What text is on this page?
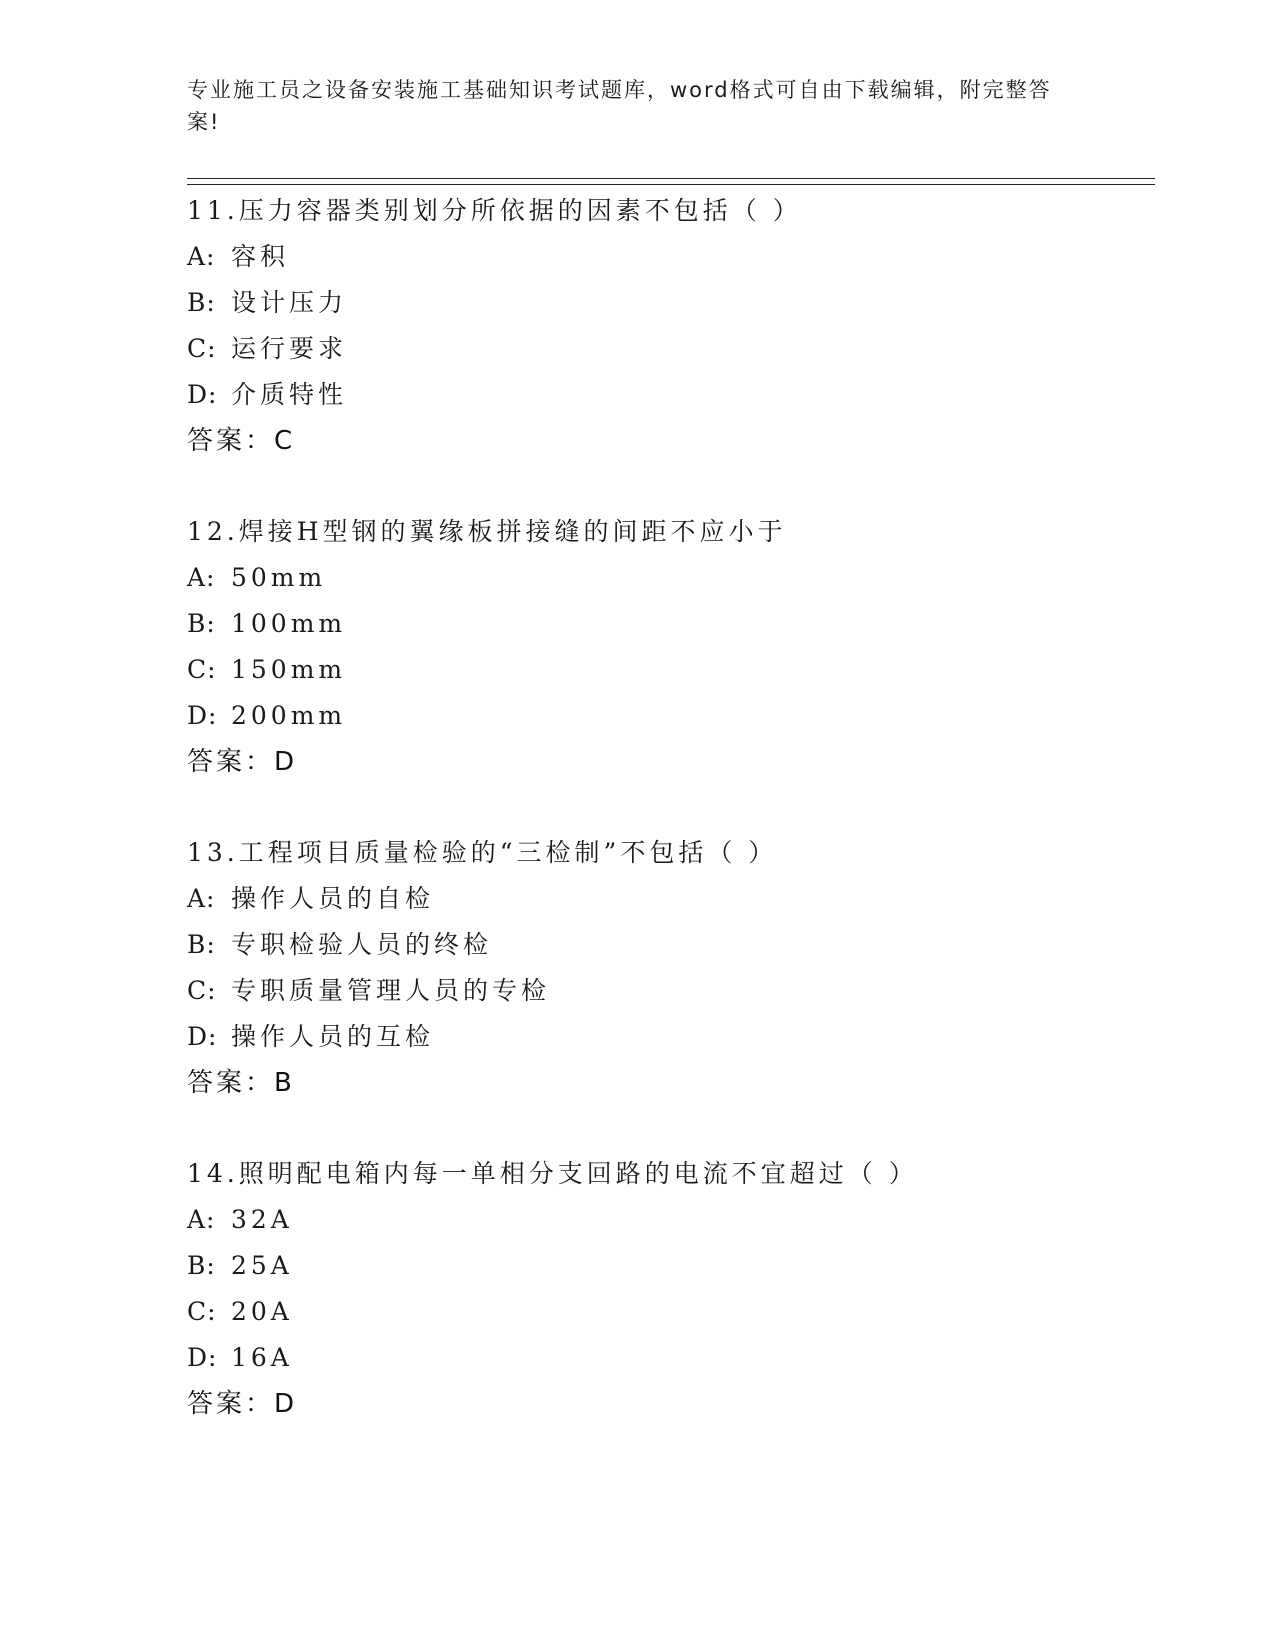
专业施工员之设备安装施工基础知识考试题库，word格式可自由下载编辑，附完整答案!
11.压力容器类别划分所依据的因素不包括（ ）
A: 容积
B: 设计压力
C: 运行要求
D: 介质特性
答案：C
12.焊接H型钢的翼缘板拼接缝的间距不应小于
A: 50mm
B: 100mm
C: 150mm
D: 200mm
答案：D
13.工程项目质量检验的“三检制”不包括（ ）
A: 操作人员的自检
B: 专职检验人员的终检
C: 专职质量管理人员的专检
D: 操作人员的互检
答案：B
14.照明配电箱内每一单相分支回路的电流不宜超过（ ）
A: 32A
B: 25A
C: 20A
D: 16A
答案：D
